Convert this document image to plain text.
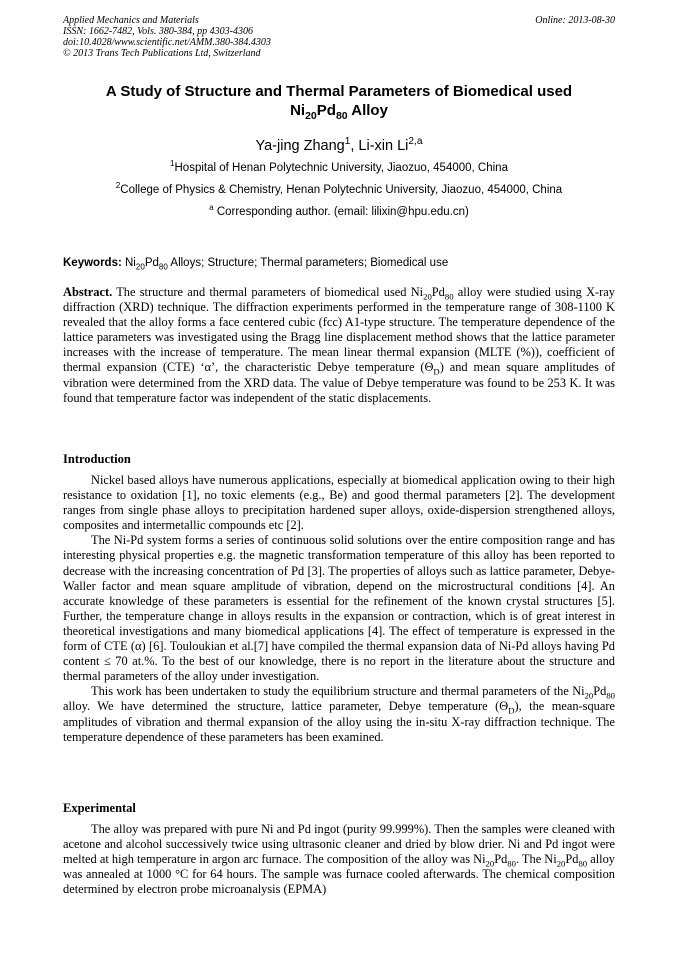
Applied Mechanics and Materials
ISSN: 1662-7482, Vols. 380-384, pp 4303-4306
doi:10.4028/www.scientific.net/AMM.380-384.4303
© 2013 Trans Tech Publications Ltd, Switzerland
Online: 2013-08-30
A Study of Structure and Thermal Parameters of Biomedical used
$Ni_{20}Pd_{80}$ Alloy
Ya-jing Zhang$^1$, Li-xin Li$^{2,a}$
$^1$Hospital of Henan Polytechnic University, Jiaozuo, 454000, China
$^2$College of Physics & Chemistry, Henan Polytechnic University, Jiaozuo, 454000, China
$^a$ Corresponding author. (email: lilixin@hpu.edu.cn)
Keywords: $Ni_{20}Pd_{80}$ Alloys; Structure; Thermal parameters; Biomedical use

Abstract. The structure and thermal parameters of biomedical used $Ni_{20}Pd_{80}$ alloy were studied using X-ray diffraction (XRD) technique. The diffraction experiments performed in the temperature range of 308-1100 K revealed that the alloy forms a face centered cubic (fcc) A1-type structure. The temperature dependence of the lattice parameters was investigated using the Bragg line displacement method shows that the lattice parameter increases with the increase of temperature. The mean linear thermal expansion (MLTE (%)), coefficient of thermal expansion (CTE) ‘α’, the characteristic Debye temperature $(\Theta_D)$ and mean square amplitudes of vibration were determined from the XRD data. The value of Debye temperature was found to be 253 K. It was found that temperature factor was independent of the static displacements.

Introduction

Nickel based alloys have numerous applications, especially at biomedical application owing to their high resistance to oxidation [1], no toxic elements (e.g., Be) and good thermal parameters [2]. The development ranges from single phase alloys to precipitation hardened super alloys, oxide-dispersion strengthened alloys, composites and intermetallic compounds etc [2].

The Ni-Pd system forms a series of continuous solid solutions over the entire composition range and has interesting physical properties e.g. the magnetic transformation temperature of this alloy has been reported to decrease with the increasing concentration of Pd [3]. The properties of alloys such as lattice parameter, Debye-Waller factor and mean square amplitude of vibration, depend on the microstructural conditions [4]. An accurate knowledge of these parameters is essential for the refinement of the known crystal structures [5]. Further, the temperature change in alloys results in the expansion or contraction, which is of great interest in theoretical investigations and many biomedical applications [4]. The effect of temperature is expressed in the form of CTE (α) [6]. Touloukian et al.[7] have compiled the thermal expansion data of Ni-Pd alloys having Pd content ≤ 70 at.%. To the best of our knowledge, there is no report in the literature about the structure and thermal parameters of the alloy under investigation.

This work has been undertaken to study the equilibrium structure and thermal parameters of the $Ni_{20}Pd_{80}$ alloy. We have determined the structure, lattice parameter, Debye temperature $(\Theta_D)$, the mean-square amplitudes of vibration and thermal expansion of the alloy using the in-situ X-ray diffraction technique. The temperature dependence of these parameters has been examined.

Experimental

The alloy was prepared with pure Ni and Pd ingot (purity 99.999%). Then the samples were cleaned with acetone and alcohol successively twice using ultrasonic cleaner and dried by blow drier. Ni and Pd ingot were melted at high temperature in argon arc furnace. The composition of the alloy was $Ni_{20}Pd_{80}$. The $Ni_{20}Pd_{80}$ alloy was annealed at 1000 °C for 64 hours. The sample was furnace cooled afterwards. The chemical composition determined by electron probe microanalysis (EPMA)
